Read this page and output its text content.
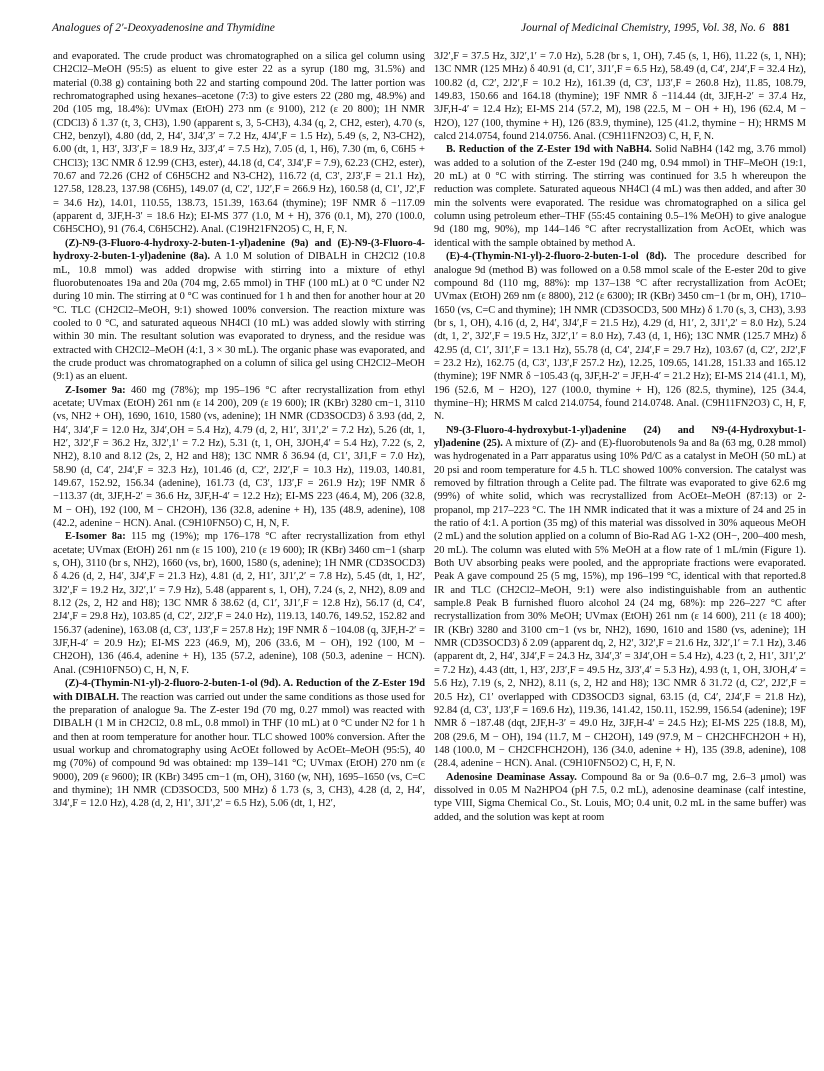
Analogues of 2′-Deoxyadenosine and Thymidine	Journal of Medicinal Chemistry, 1995, Vol. 38, No. 6 881

and evaporated. The crude product was chromatographed on a silica gel column using CH2Cl2–MeOH (95:5) as eluent to give ester 22 as a syrup (180 mg, 31.5%) and material (0.38 g) containing both 22 and starting compound 20d. The latter portion was rechromatographed using hexanes–acetone (7:3) to give esters 22 (280 mg, 48.9%) and 20d (105 mg, 18.4%): UVmax (EtOH) 273 nm (ε 9100), 212 (ε 20 800); 1H NMR (CDCl3) δ 1.37 (t, 3, CH3), 1.90 (apparent s, 3, 5-CH3), 4.34 (q, 2, CH2, ester), 4.70 (s, CH2, benzyl), 4.80 (dd, 2, H4′, 3J4′,3′ = 7.2 Hz, 4J4′,F = 1.5 Hz), 5.49 (s, 2, N3-CH2), 6.00 (dt, 1, H3′, 3J3′,F = 18.9 Hz, 3J3′,4′ = 7.5 Hz), 7.05 (d, 1, H6), 7.30 (m, 6, C6H5 + CHCl3); 13C NMR δ 12.99 (CH3, ester), 44.18 (d, C4′, 3J4′,F = 7.9), 62.23 (CH2, ester), 70.67 and 72.26 (CH2 of C6H5CH2 and N3-CH2), 116.72 (d, C3′, 2J3′,F = 21.1 Hz), 127.58, 128.23, 137.98 (C6H5), 149.07 (d, C2′, 1J2′,F = 266.9 Hz), 160.58 (d, C1′, J2′,F = 34.6 Hz), 14.01, 110.55, 138.73, 151.39, 163.64 (thymine); 19F NMR δ −117.09 (apparent d, 3JF,H-3′ = 18.6 Hz); EI-MS 377 (1.0, M + H), 376 (0.1, M), 270 (100.0, C6H5CHO), 91 (76.4, C6H5CH2). Anal. (C19H21FN2O5) C, H, F, N.

(Z)-N9-(3-Fluoro-4-hydroxy-2-buten-1-yl)adenine (9a) and (E)-N9-(3-Fluoro-4-hydroxy-2-buten-1-yl)adenine (8a). A 1.0 M solution of DIBALH in CH2Cl2 (10.8 mL, 10.8 mmol) was added dropwise with stirring into a mixture of ethyl fluorobutenoates 19a and 20a (704 mg, 2.65 mmol) in THF (100 mL) at 0 °C under N2 during 10 min. The stirring at 0 °C was continued for 1 h and then for another hour at 20 °C. TLC (CH2Cl2–MeOH, 9:1) showed 100% conversion. The reaction mixture was cooled to 0 °C, and saturated aqueous NH4Cl (10 mL) was added slowly with stirring within 30 min. The resultant solution was evaporated to dryness, and the residue was extracted with CH2Cl2–MeOH (4:1, 3 × 30 mL). The organic phase was evaporated, and the crude product was chromatographed on a column of silica gel using CH2Cl2–MeOH (9:1) as an eluent.

Z-Isomer 9a: 460 mg (78%); mp 195–196 °C after recrystallization from ethyl acetate; UVmax (EtOH) 261 nm (ε 14 200), 209 (ε 19 600); IR (KBr) 3280 cm−1, 3110 (vs, NH2 + OH), 1690, 1610, 1580 (vs, adenine); 1H NMR (CD3SOCD3) δ 3.93 (dd, 2, H4′, 3J4′,F = 12.0 Hz, 3J4′,OH = 5.4 Hz), 4.79 (d, 2, H1′, 3J1′,2′ = 7.2 Hz), 5.26 (dt, 1, H2′, 3J2′,F = 36.2 Hz, 3J2′,1′ = 7.2 Hz), 5.31 (t, 1, OH, 3JOH,4′ = 5.4 Hz), 7.22 (s, 2, NH2), 8.10 and 8.12 (2s, 2, H2 and H8); 13C NMR δ 36.94 (d, C1′, 3J1,F = 7.0 Hz), 58.90 (d, C4′, 2J4′,F = 32.3 Hz), 101.46 (d, C2′, 2J2′,F = 10.3 Hz), 119.03, 140.81, 149.67, 152.92, 156.34 (adenine), 161.73 (d, C3′, 1J3′,F = 261.9 Hz); 19F NMR δ −113.37 (dt, 3JF,H-2′ = 36.6 Hz, 3JF,H-4′ = 12.2 Hz); EI-MS 223 (46.4, M), 206 (32.8, M − OH), 192 (100, M − CH2OH), 136 (32.8, adenine + H), 135 (48.9, adenine), 108 (42.2, adenine − HCN). Anal. (C9H10FN5O) C, H, N, F.

E-Isomer 8a: 115 mg (19%); mp 176–178 °C after recrystallization from ethyl acetate; UVmax (EtOH) 261 nm (ε 15 100), 210 (ε 19 600); IR (KBr) 3460 cm−1 (sharp s, OH), 3110 (br s, NH2), 1660 (vs, br), 1600, 1580 (s, adenine); 1H NMR (CD3SOCD3) δ 4.26 (d, 2, H4′, 3J4′,F = 21.3 Hz), 4.81 (d, 2, H1′, 3J1′,2′ = 7.8 Hz), 5.45 (dt, 1, H2′, 3J2′,F = 19.2 Hz, 3J2′,1′ = 7.9 Hz), 5.48 (apparent s, 1, OH), 7.24 (s, 2, NH2), 8.09 and 8.12 (2s, 2, H2 and H8); 13C NMR δ 38.62 (d, C1′, 3J1′,F = 12.8 Hz), 56.17 (d, C4′, 2J4′,F = 29.8 Hz), 103.85 (d, C2′, 2J2′,F = 24.0 Hz), 119.13, 140.76, 149.52, 152.82 and 156.37 (adenine), 163.08 (d, C3′, 1J3′,F = 257.8 Hz); 19F NMR δ −104.08 (q, 3JF,H-2′ = 3JF,H-4′ = 20.9 Hz); EI-MS 223 (46.9, M), 206 (33.6, M − OH), 192 (100, M − CH2OH), 136 (46.4, adenine + H), 135 (57.2, adenine), 108 (50.3, adenine − HCN). Anal. (C9H10FN5O) C, H, N, F.

(Z)-4-(Thymin-N1-yl)-2-fluoro-2-buten-1-ol (9d). A. Reduction of the Z-Ester 19d with DIBALH. The reaction was carried out under the same conditions as those used for the preparation of analogue 9a. The Z-ester 19d (70 mg, 0.27 mmol) was reacted with DIBALH (1 M in CH2Cl2, 0.8 mL, 0.8 mmol) in THF (10 mL) at 0 °C under N2 for 1 h and then at room temperature for another hour. TLC showed 100% conversion. After the usual workup and chromatography using AcOEt followed by AcOEt–MeOH (95:5), 40 mg (70%) of compound 9d was obtained: mp 139–141 °C; UVmax (EtOH) 270 nm (ε 9000), 209 (ε 9600); IR (KBr) 3495 cm−1 (m, OH), 3160 (w, NH), 1695–1650 (vs, C=C and thymine); 1H NMR (CD3SOCD3, 500 MHz) δ 1.73 (s, 3, CH3), 4.28 (d, 2, H4′, 3J4′,F = 12.0 Hz), 4.28 (d, 2, H1′, 3J1′,2′ = 6.5 Hz), 5.06 (dt, 1, H2′,

3J2′,F = 37.5 Hz, 3J2′,1′ = 7.0 Hz), 5.28 (br s, 1, OH), 7.45 (s, 1, H6), 11.22 (s, 1, NH); 13C NMR (125 MHz) δ 40.91 (d, C1′, 3J1′,F = 6.5 Hz), 58.49 (d, C4′, 2J4′,F = 32.4 Hz), 100.82 (d, C2′, 2J2′,F = 10.2 Hz), 161.39 (d, C3′, 1J3′,F = 260.8 Hz), 11.85, 108.79, 149.83, 150.66 and 164.18 (thymine); 19F NMR δ −114.44 (dt, 3JF,H-2′ = 37.4 Hz, 3JF,H-4′ = 12.4 Hz); EI-MS 214 (57.2, M), 198 (22.5, M − OH + H), 196 (62.4, M − H2O), 127 (100, thymine + H), 126 (83.9, thymine), 125 (41.2, thymine − H); HRMS M calcd 214.0754, found 214.0756. Anal. (C9H11FN2O3) C, H, F, N.

B. Reduction of the Z-Ester 19d with NaBH4. Solid NaBH4 (142 mg, 3.76 mmol) was added to a solution of the Z-ester 19d (240 mg, 0.94 mmol) in THF–MeOH (19:1, 20 mL) at 0 °C with stirring. The stirring was continued for 3.5 h whereupon the reduction was complete. Saturated aqueous NH4Cl (4 mL) was then added, and after 30 min the solvents were evaporated. The residue was chromatographed on a silica gel column using petroleum ether–THF (55:45 containing 0.5–1% MeOH) to give analogue 9d (180 mg, 90%), mp 144–146 °C after recrystallization from AcOEt, which was identical with the sample obtained by method A.

(E)-4-(Thymin-N1-yl)-2-fluoro-2-buten-1-ol (8d). The procedure described for analogue 9d (method B) was followed on a 0.58 mmol scale of the E-ester 20d to give compound 8d (110 mg, 88%): mp 137–138 °C after recrystallization from AcOEt; UVmax (EtOH) 269 nm (ε 8800), 212 (ε 6300); IR (KBr) 3450 cm−1 (br m, OH), 1710–1650 (vs, C=C and thymine); 1H NMR (CD3SOCD3, 500 MHz) δ 1.70 (s, 3, CH3), 3.93 (br s, 1, OH), 4.16 (d, 2, H4′, 3J4′,F = 21.5 Hz), 4.29 (d, H1′, 2, 3J1′,2′ = 8.0 Hz), 5.24 (dt, 1, 2′, 3J2′,F = 19.5 Hz, 3J2′,1′ = 8.0 Hz), 7.43 (d, 1, H6); 13C NMR (125.7 MHz) δ 42.95 (d, C1′, 3J1′,F = 13.1 Hz), 55.78 (d, C4′, 2J4′,F = 29.7 Hz), 103.67 (d, C2′, 2J2′,F = 23.2 Hz), 162.75 (d, C3′, 1J3′,F 257.2 Hz), 12.25, 109.65, 141.28, 151.33 and 165.12 (thymine); 19F NMR δ −105.43 (q, 3JF,H-2′ = JF,H-4′ = 21.2 Hz); EI-MS 214 (41.1, M), 196 (52.6, M − H2O), 127 (100.0, thymine + H), 126 (82.5, thymine), 125 (34.4, thymine−H); HRMS M calcd 214.0754, found 214.0748. Anal. (C9H11FN2O3) C, H, F, N.

N9-(3-Fluoro-4-hydroxybut-1-yl)adenine (24) and N9-(4-Hydroxybut-1-yl)adenine (25). A mixture of (Z)- and (E)-fluorobutenols 9a and 8a (63 mg, 0.28 mmol) was hydrogenated in a Parr apparatus using 10% Pd/C as a catalyst in MeOH (50 mL) at 20 psi and room temperature for 4.5 h. TLC showed 100% conversion. The catalyst was removed by filtration through a Celite pad. The filtrate was evaporated to give 62.6 mg (99%) of white solid, which was recrystallized from AcOEt–MeOH (87:13) or 2-propanol, mp 217–223 °C. The 1H NMR indicated that it was a mixture of 24 and 25 in the ratio of 4:1. A portion (35 mg) of this material was dissolved in 30% aqueous MeOH (2 mL) and the solution applied on a column of Bio-Rad AG 1-X2 (OH−, 200–400 mesh, 20 mL). The column was eluted with 5% MeOH at a flow rate of 1 mL/min (Figure 1). Both UV absorbing peaks were pooled, and the appropriate fractions were evaporated. Peak A gave compound 25 (5 mg, 15%), mp 196–199 °C, identical with that reported.8 IR and TLC (CH2Cl2–MeOH, 9:1) were also indistinguishable from an authentic sample.8 Peak B furnished fluoro alcohol 24 (24 mg, 68%): mp 226–227 °C after recrystallization from 30% MeOH; UVmax (EtOH) 261 nm (ε 14 600), 211 (ε 18 400); IR (KBr) 3280 and 3100 cm−1 (vs br, NH2), 1690, 1610 and 1580 (vs, adenine); 1H NMR (CD3SOCD3) δ 2.09 (apparent dq, 2, H2′, 3J2′,F = 21.6 Hz, 3J2′,1′ = 7.1 Hz), 3.46 (apparent dt, 2, H4′, 3J4′,F = 24.3 Hz, 3J4′,3′ = 3J4′,OH = 5.4 Hz), 4.23 (t, 2, H1′, 3J1′,2′ = 7.2 Hz), 4.43 (dtt, 1, H3′, 2J3′,F = 49.5 Hz, 3J3′,4′ = 5.3 Hz), 4.93 (t, 1, OH, 3JOH,4′ = 5.6 Hz), 7.19 (s, 2, NH2), 8.11 (s, 2, H2 and H8); 13C NMR δ 31.72 (d, C2′, 2J2′,F = 20.5 Hz), C1′ overlapped with CD3SOCD3 signal, 63.15 (d, C4′, 2J4′,F = 21.8 Hz), 92.84 (d, C3′, 1J3′,F = 169.6 Hz), 119.36, 141.42, 150.11, 152.99, 156.54 (adenine); 19F NMR δ −187.48 (dqt, 2JF,H-3′ = 49.0 Hz, 3JF,H-4′ = 24.5 Hz); EI-MS 225 (18.8, M), 208 (29.6, M − OH), 194 (11.7, M − CH2OH), 149 (97.9, M − CH2CHFCH2OH + H), 148 (100.0, M − CH2CFHCH2OH), 136 (34.0, adenine + H), 135 (39.8, adenine), 108 (28.4, adenine − HCN). Anal. (C9H10FN5O2) C, H, F, N.

Adenosine Deaminase Assay. Compound 8a or 9a (0.6–0.7 mg, 2.6–3 μmol) was dissolved in 0.05 M Na2HPO4 (pH 7.5, 0.2 mL), adenosine deaminase (calf intestine, type VIII, Sigma Chemical Co., St. Louis, MO; 0.4 unit, 0.2 mL in the same buffer) was added, and the solution was kept at room
